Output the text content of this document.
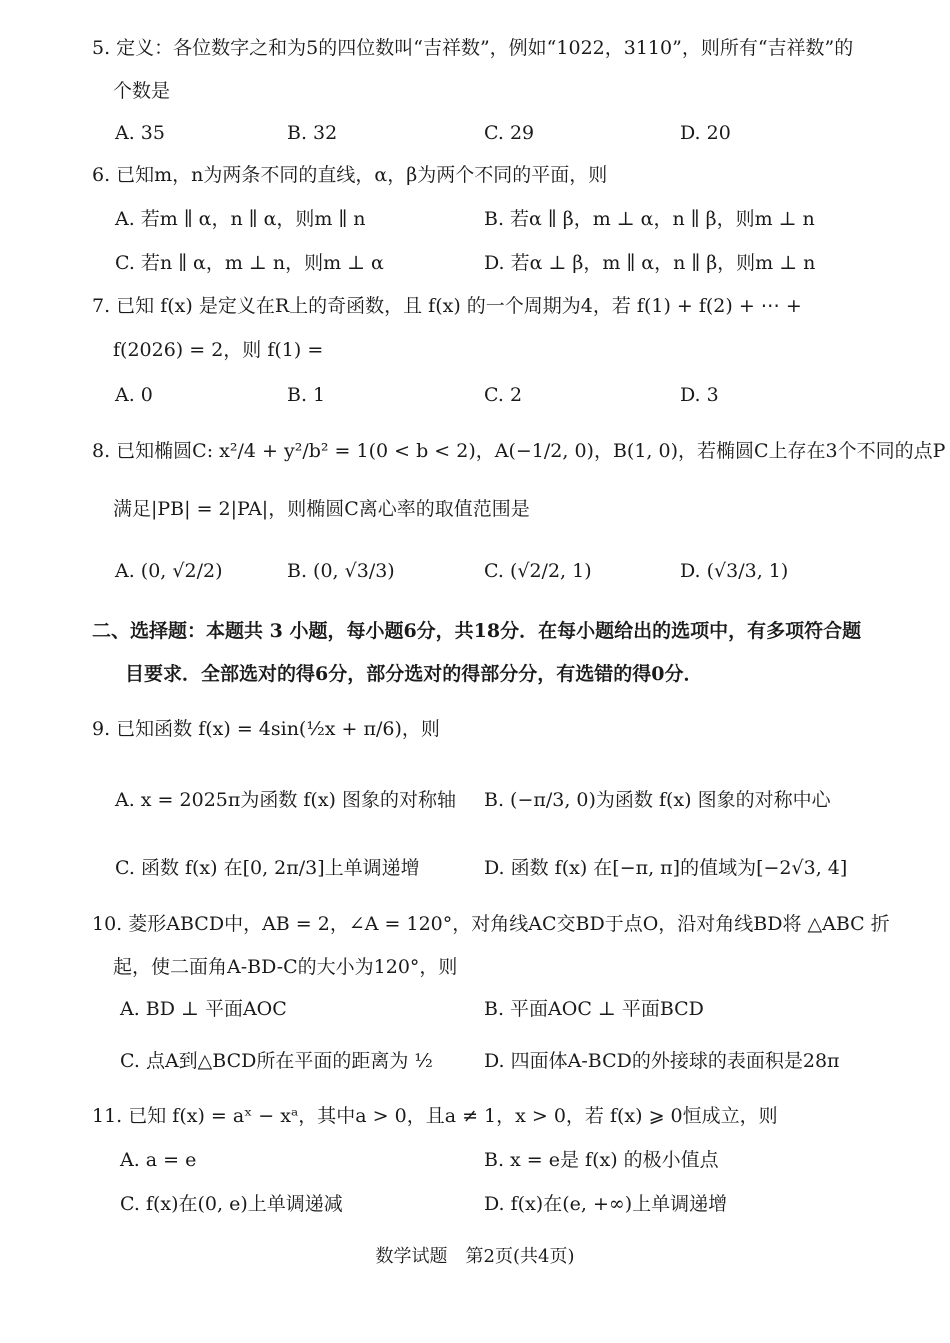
5. 定义：各位数字之和为5的四位数叫“吉祥数”，例如“1022，3110”，则所有“吉祥数”的
个数是
A. 35	B. 32	C. 29	D. 20
6. 已知m，n为两条不同的直线，α，β为两个不同的平面，则
A. 若m ∥ α，n ∥ α，则m ∥ n	B. 若α ∥ β，m ⊥ α，n ∥ β，则m ⊥ n
C. 若n ∥ α，m ⊥ n，则m ⊥ α	D. 若α ⊥ β，m ∥ α，n ∥ β，则m ⊥ n
7. 已知 f(x) 是定义在R上的奇函数，且 f(x) 的一个周期为4，若 f(1) + f(2) + ⋯ +
f(2026) = 2，则 f(1) =
A. 0	B. 1	C. 2	D. 3
8. 已知椭圆C: x²/4 + y²/b² = 1(0 < b < 2)，A(−1/2, 0)，B(1, 0)，若椭圆C上存在3个不同的点P
满足|PB| = 2|PA|，则椭圆C离心率的取值范围是
A. (0, √2/2)	B. (0, √3/3)	C. (√2/2, 1)	D. (√3/3, 1)
二、选择题：本题共 3 小题，每小题6分，共18分．在每小题给出的选项中，有多项符合题
目要求．全部选对的得6分，部分选对的得部分分，有选错的得0分．
9. 已知函数 f(x) = 4sin(½x + π/6)，则
A. x = 2025π为函数 f(x) 图象的对称轴 B. (−π/3, 0)为函数 f(x) 图象的对称中心
C. 函数 f(x) 在[0, 2π/3]上单调递增	D. 函数 f(x) 在[−π, π]的值域为[−2√3, 4]
10. 菱形ABCD中，AB = 2，∠A = 120°，对角线AC交BD于点O，沿对角线BD将 △ABC 折
起，使二面角A-BD-C的大小为120°，则
A. BD ⊥ 平面AOC	B. 平面AOC ⊥ 平面BCD
C. 点A到△BCD所在平面的距离为 ½	D. 四面体A-BCD的外接球的表面积是28π
11. 已知 f(x) = aˣ − xᵃ，其中a > 0，且a ≠ 1，x > 0，若 f(x) ⩾ 0恒成立，则
A. a = e	B. x = e是 f(x) 的极小值点
C. f(x)在(0, e)上单调递减	D. f(x)在(e, +∞)上单调递增
数学试题　第2页(共4页)
